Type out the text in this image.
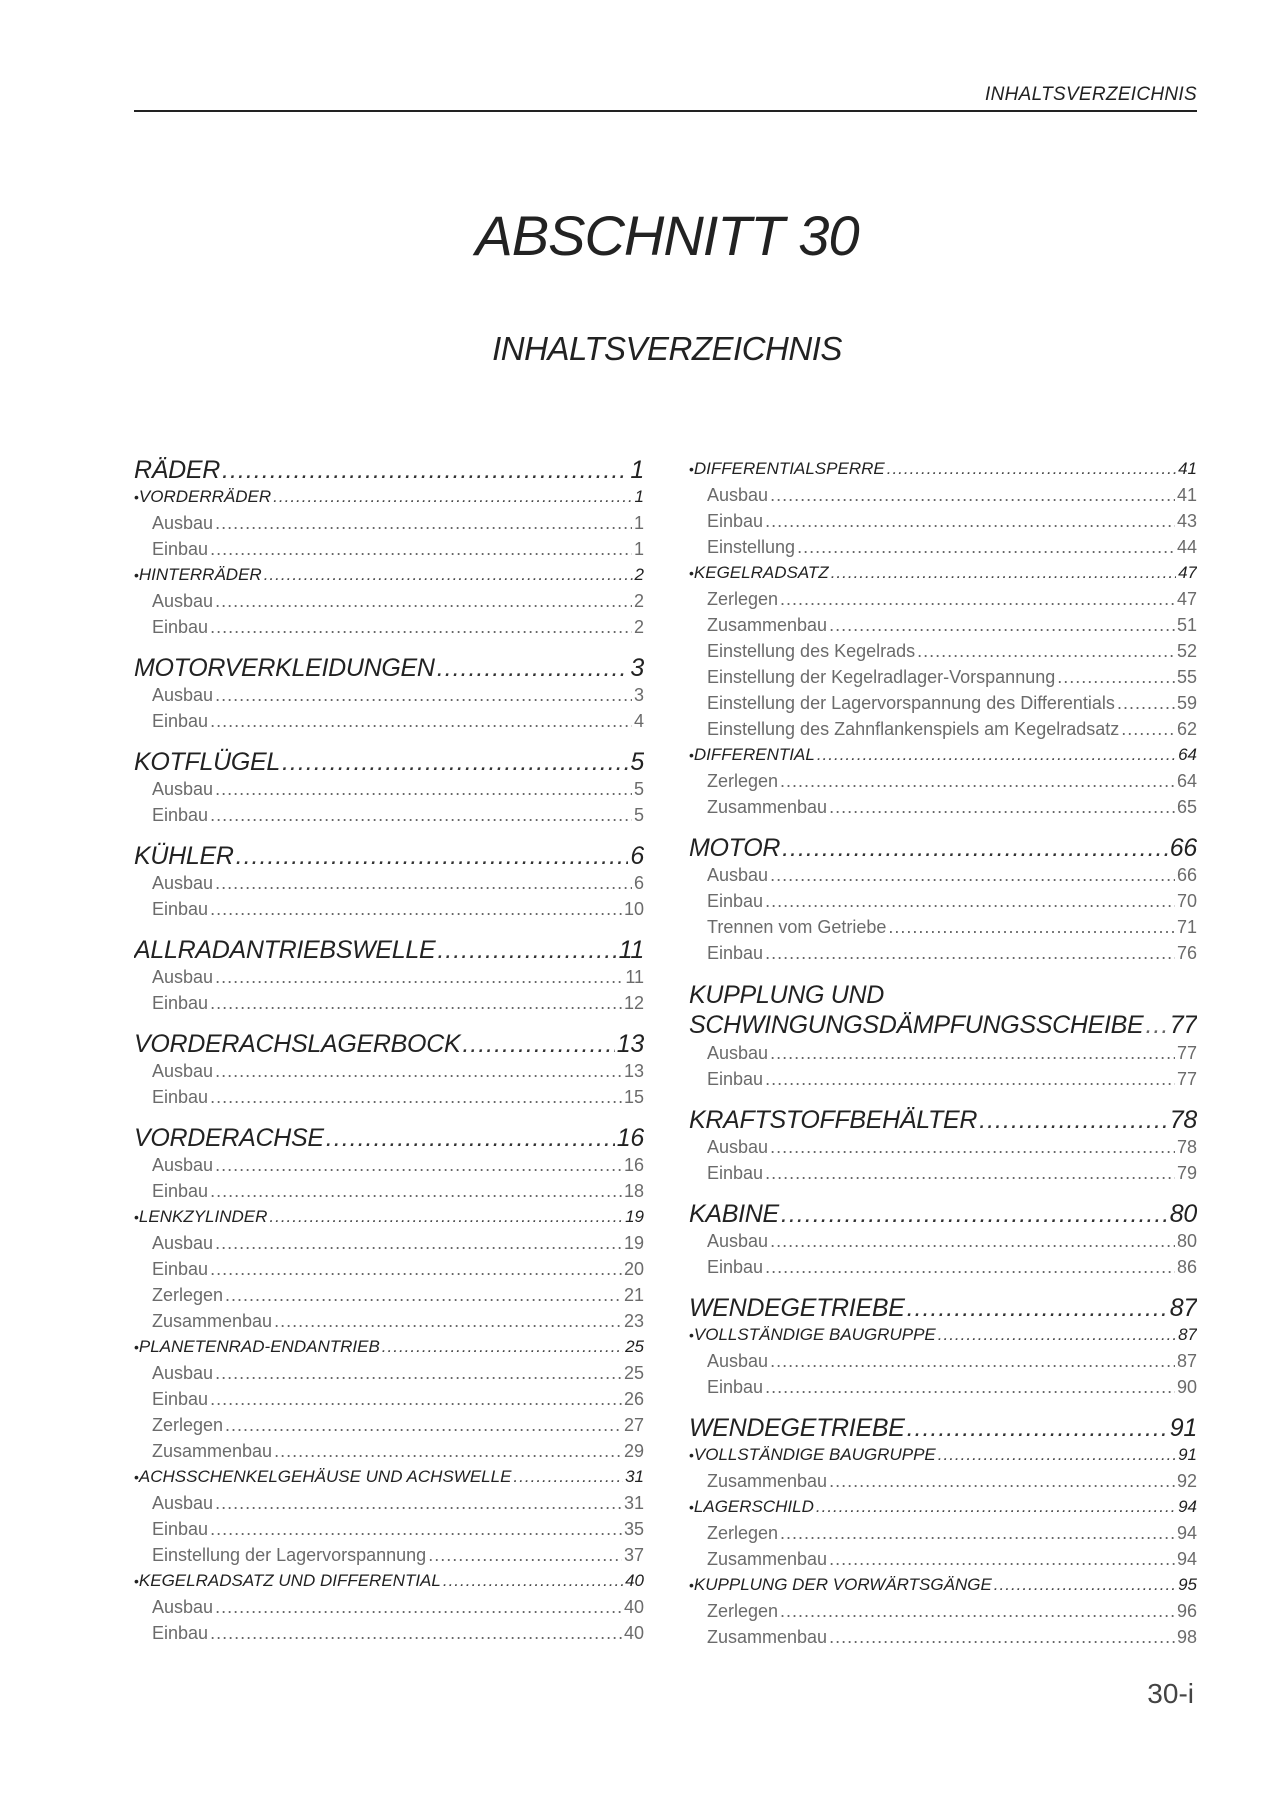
INHALTSVERZEICHNIS
ABSCHNITT 30
INHALTSVERZEICHNIS
RÄDER .....	1
• VORDERRÄDER .....	1
Ausbau .....	1
Einbau .....	1
• HINTERRÄDER .....	2
Ausbau .....	2
Einbau .....	2
MOTORVERKLEIDUNGEN .....	3
Ausbau .....	3
Einbau .....	4
KOTFLÜGEL .....	5
Ausbau .....	5
Einbau .....	5
KÜHLER .....	6
Ausbau .....	6
Einbau .....	10
ALLRADANTRIEBSWELLE .....	11
Ausbau .....	11
Einbau .....	12
VORDERACHSLAGERBOCK .....	13
Ausbau .....	13
Einbau .....	15
VORDERACHSE .....	16
Ausbau .....	16
Einbau .....	18
• LENKZYLINDER .....	19
Ausbau .....	19
Einbau .....	20
Zerlegen .....	21
Zusammenbau .....	23
• PLANETENRAD-ENDANTRIEB .....	25
Ausbau .....	25
Einbau .....	26
Zerlegen .....	27
Zusammenbau .....	29
• ACHSSCHENKELGEHÄUSE UND ACHSWELLE .....	31
Ausbau .....	31
Einbau .....	35
Einstellung der Lagervorspannung .....	37
• KEGELRADSATZ UND DIFFERENTIAL .....	40
Ausbau .....	40
Einbau .....	40
• DIFFERENTIALSPERRE .....	41
Ausbau .....	41
Einbau .....	43
Einstellung .....	44
• KEGELRADSATZ .....	47
Zerlegen .....	47
Zusammenbau .....	51
Einstellung des Kegelrads .....	52
Einstellung der Kegelradlager-Vorspannung .....	55
Einstellung der Lagervorspannung des Differentials .....	59
Einstellung des Zahnflankenspiels am Kegelradsatz .....	62
• DIFFERENTIAL .....	64
Zerlegen .....	64
Zusammenbau .....	65
MOTOR .....	66
Ausbau .....	66
Einbau .....	70
Trennen vom Getriebe .....	71
Einbau .....	76
KUPPLUNG UND
SCHWINGUNGSDÄMPFUNGSSCHEIBE ..... 77
Ausbau .....	77
Einbau .....	77
KRAFTSTOFFBEHÄLTER .....	78
Ausbau .....	78
Einbau .....	79
KABINE .....	80
Ausbau .....	80
Einbau .....	86
WENDEGETRIEBE .....	87
• VOLLSTÄNDIGE BAUGRUPPE .....	87
Ausbau .....	87
Einbau .....	90
WENDEGETRIEBE .....	91
• VOLLSTÄNDIGE BAUGRUPPE .....	91
Zusammenbau .....	92
• LAGERSCHILD .....	94
Zerlegen .....	94
Zusammenbau .....	94
• KUPPLUNG DER VORWÄRTSGÄNGE .....	95
Zerlegen .....	96
Zusammenbau .....	98
30-i
